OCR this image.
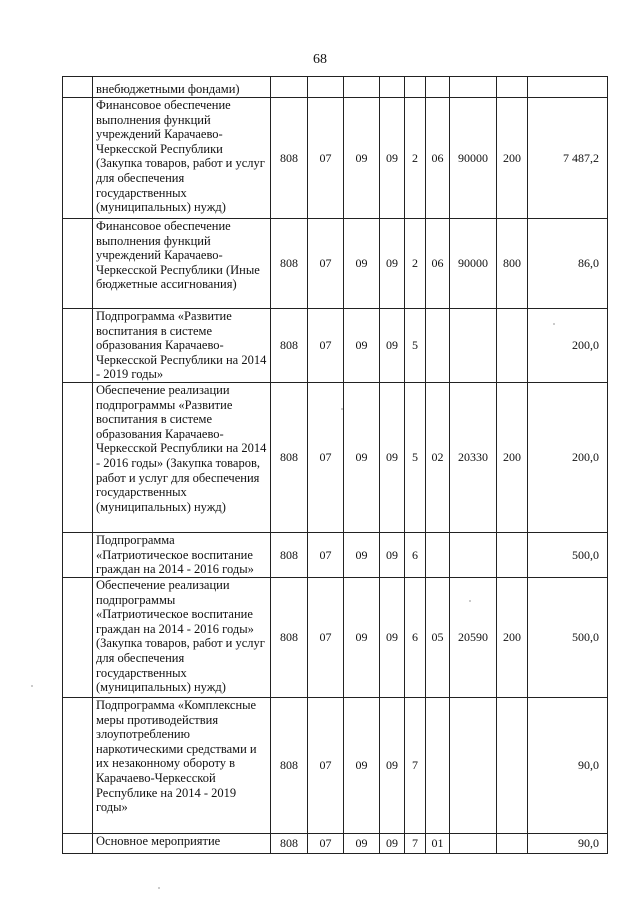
68
	внебюджетными фондами)									
	Финансовое обеспечение выполнения функций учреждений Карачаево-Черкесской Республики (Закупка товаров, работ и услуг для обеспечения государственных (муниципальных) нужд)	808	07	09	09	2	06	90000	200	7 487,2
	Финансовое обеспечение выполнения функций учреждений Карачаево-Черкесской Республики (Иные бюджетные ассигнования)	808	07	09	09	2	06	90000	800	86,0
	Подпрограмма «Развитие воспитания в системе образования Карачаево-Черкесской Республики на 2014 - 2019 годы»	808	07	09	09	5				200,0
	Обеспечение реализации подпрограммы «Развитие воспитания в системе образования Карачаево-Черкесской Республики на 2014 - 2016 годы» (Закупка товаров, работ и услуг для обеспечения государственных (муниципальных) нужд)	808	07	09	09	5	02	20330	200	200,0
	Подпрограмма «Патриотическое воспитание граждан на 2014 - 2016 годы»	808	07	09	09	6				500,0
	Обеспечение реализации подпрограммы «Патриотическое воспитание граждан на 2014 - 2016 годы» (Закупка товаров, работ и услуг для обеспечения государственных (муниципальных) нужд)	808	07	09	09	6	05	20590	200	500,0
	Подпрограмма «Комплексные меры противодействия злоупотреблению наркотическими средствами и их незаконному обороту в Карачаево-Черкесской Республике на 2014 - 2019 годы»	808	07	09	09	7				90,0
	Основное мероприятие	808	07	09	09	7	01			90,0
